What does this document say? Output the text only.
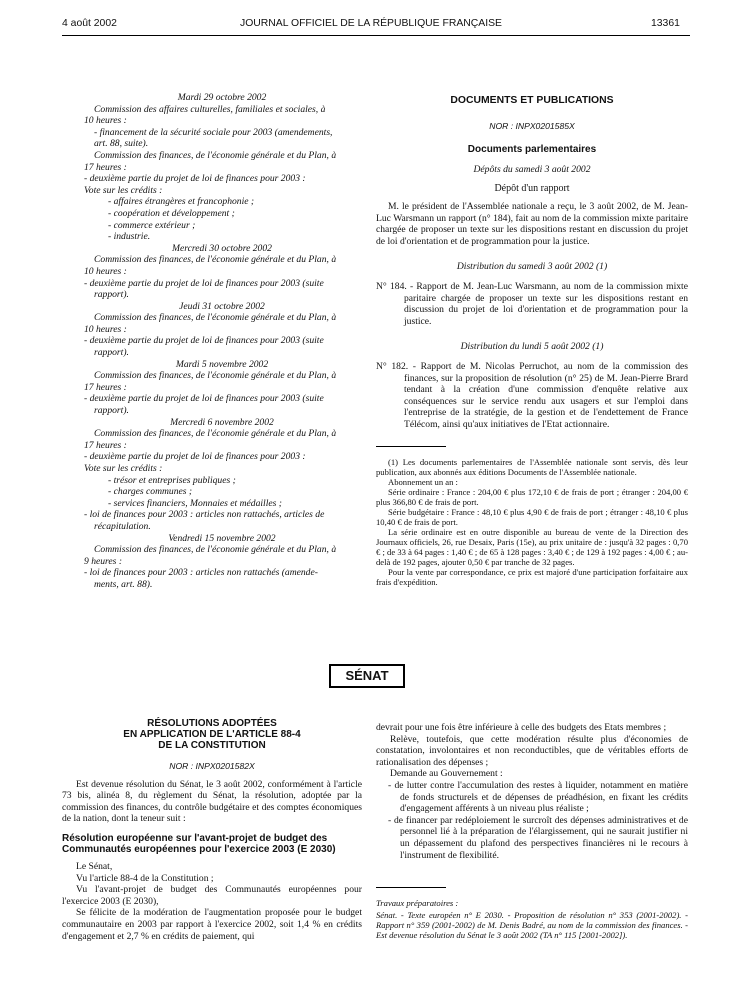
4 août 2002	JOURNAL OFFICIEL DE LA RÉPUBLIQUE FRANÇAISE	13361

Mardi 29 octobre 2002

Commission des affaires culturelles, familiales et sociales, à

10 heures :

- financement de la sécurité sociale pour 2003 (amendements,

art. 88, suite).

Commission des finances, de l'économie générale et du Plan, à

17 heures :

- deuxième partie du projet de loi de finances pour 2003 :

Vote sur les crédits :

- affaires étrangères et francophonie ;

- coopération et développement ;

- commerce extérieur ;

- industrie.

Mercredi 30 octobre 2002

Commission des finances, de l'économie générale et du Plan, à

10 heures :

- deuxième partie du projet de loi de finances pour 2003 (suite

rapport).

Jeudi 31 octobre 2002

Commission des finances, de l'économie générale et du Plan, à

10 heures :

- deuxième partie du projet de loi de finances pour 2003 (suite

rapport).

Mardi 5 novembre 2002

Commission des finances, de l'économie générale et du Plan, à

17 heures :

- deuxième partie du projet de loi de finances pour 2003 (suite

rapport).

Mercredi 6 novembre 2002

Commission des finances, de l'économie générale et du Plan, à

17 heures :

- deuxième partie du projet de loi de finances pour 2003 :

Vote sur les crédits :

- trésor et entreprises publiques ;

- charges communes ;

- services financiers, Monnaies et médailles ;

- loi de finances pour 2003 : articles non rattachés, articles de

récapitulation.

Vendredi 15 novembre 2002

Commission des finances, de l'économie générale et du Plan, à

9 heures :

- loi de finances pour 2003 : articles non rattachés (amende-

ments, art. 88).

DOCUMENTS ET PUBLICATIONS

NOR : INPX0201585X

Documents parlementaires

Dépôts du samedi 3 août 2002

Dépôt d'un rapport

M. le président de l'Assemblée nationale a reçu, le 3 août 2002, de M. Jean-Luc Warsmann un rapport (n° 184), fait au nom de la commission mixte paritaire chargée de proposer un texte sur les dispositions restant en discussion du projet de loi d'orientation et de programmation pour la justice.

Distribution du samedi 3 août 2002 (1)

N° 184. - Rapport de M. Jean-Luc Warsmann, au nom de la commission mixte paritaire chargée de proposer un texte sur les dispositions restant en discussion du projet de loi d'orientation et de programmation pour la justice.

Distribution du lundi 5 août 2002 (1)

N° 182. - Rapport de M. Nicolas Perruchot, au nom de la commission des finances, sur la proposition de résolution (n° 25) de M. Jean-Pierre Brard tendant à la création d'une commission d'enquête relative aux conséquences sur le service rendu aux usagers et sur l'emploi dans l'entreprise de la stratégie, de la gestion et de l'endettement de France Télécom, ainsi qu'aux initiatives de l'Etat actionnaire.

(1) Les documents parlementaires de l'Assemblée nationale sont servis, dès leur publication, aux abonnés aux éditions Documents de l'Assemblée nationale.

Abonnement un an :

Série ordinaire : France : 204,00 € plus 172,10 € de frais de port ; étranger : 204,00 € plus 366,80 € de frais de port.

Série budgétaire : France : 48,10 € plus 4,90 € de frais de port ; étranger : 48,10 € plus 10,40 € de frais de port.

La série ordinaire est en outre disponible au bureau de vente de la Direction des Journaux officiels, 26, rue Desaix, Paris (15e), au prix unitaire de : jusqu'à 32 pages : 0,70 € ; de 33 à 64 pages : 1,40 € ; de 65 à 128 pages : 3,40 € ; de 129 à 192 pages : 4,00 € ; au-delà de 192 pages, ajouter 0,50 € par tranche de 32 pages.

Pour la vente par correspondance, ce prix est majoré d'une participation forfaitaire aux frais d'expédition.

SÉNAT

RÉSOLUTIONS ADOPTÉES

EN APPLICATION DE L'ARTICLE 88-4

DE LA CONSTITUTION

NOR : INPX0201582X

Est devenue résolution du Sénat, le 3 août 2002, conformément à l'article 73 bis, alinéa 8, du règlement du Sénat, la résolution, adoptée par la commission des finances, du contrôle budgétaire et des comptes économiques de la nation, dont la teneur suit :

Résolution européenne sur l'avant-projet de budget des Communautés européennes pour l'exercice 2003 (E 2030)

Le Sénat,

Vu l'article 88-4 de la Constitution ;

Vu l'avant-projet de budget des Communautés européennes pour l'exercice 2003 (E 2030),

Se félicite de la modération de l'augmentation proposée pour le budget communautaire en 2003 par rapport à l'exercice 2002, soit 1,4 % en crédits d'engagement et 2,7 % en crédits de paiement, qui

devrait pour une fois être inférieure à celle des budgets des Etats membres ;

Relève, toutefois, que cette modération résulte plus d'économies de constatation, involontaires et non reconductibles, que de véritables efforts de rationalisation des dépenses ;

Demande au Gouvernement :

- de lutter contre l'accumulation des restes à liquider, notamment en matière de fonds structurels et de dépenses de préadhésion, en fixant les crédits d'engagement afférents à un niveau plus réaliste ;

- de financer par redéploiement le surcroît des dépenses administratives et de personnel lié à la préparation de l'élargissement, qui ne saurait justifier ni un dépassement du plafond des perspectives financières ni le recours à l'instrument de flexibilité.

Travaux préparatoires :

Sénat. - Texte européen n° E 2030. - Proposition de résolution n° 353 (2001-2002). - Rapport n° 359 (2001-2002) de M. Denis Badré, au nom de la commission des finances. - Est devenue résolution du Sénat le 3 août 2002 (TA n° 115 [2001-2002]).
